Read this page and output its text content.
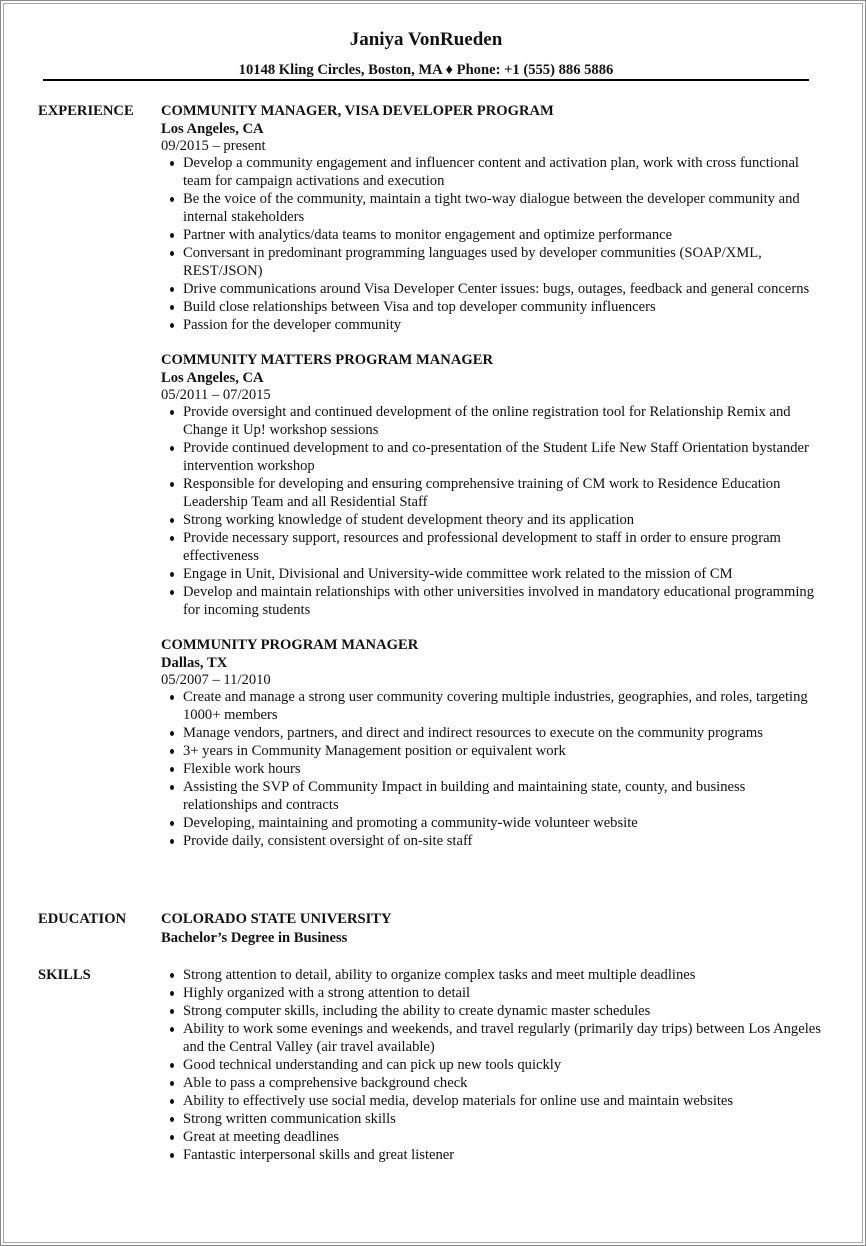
Janiya VonRueden
10148 Kling Circles, Boston, MA ♦ Phone: +1 (555) 886 5886
EXPERIENCE COMMUNITY MANAGER, VISA DEVELOPER PROGRAM
Los Angeles, CA
09/2015 – present
Develop a community engagement and influencer content and activation plan, work with cross functional team for campaign activations and execution
Be the voice of the community, maintain a tight two-way dialogue between the developer community and internal stakeholders
Partner with analytics/data teams to monitor engagement and optimize performance
Conversant in predominant programming languages used by developer communities (SOAP/XML, REST/JSON)
Drive communications around Visa Developer Center issues: bugs, outages, feedback and general concerns
Build close relationships between Visa and top developer community influencers
Passion for the developer community
COMMUNITY MATTERS PROGRAM MANAGER
Los Angeles, CA
05/2011 – 07/2015
Provide oversight and continued development of the online registration tool for Relationship Remix and Change it Up! workshop sessions
Provide continued development to and co-presentation of the Student Life New Staff Orientation bystander intervention workshop
Responsible for developing and ensuring comprehensive training of CM work to Residence Education Leadership Team and all Residential Staff
Strong working knowledge of student development theory and its application
Provide necessary support, resources and professional development to staff in order to ensure program effectiveness
Engage in Unit, Divisional and University-wide committee work related to the mission of CM
Develop and maintain relationships with other universities involved in mandatory educational programming for incoming students
COMMUNITY PROGRAM MANAGER
Dallas, TX
05/2007 – 11/2010
Create and manage a strong user community covering multiple industries, geographies, and roles, targeting 1000+ members
Manage vendors, partners, and direct and indirect resources to execute on the community programs
3+ years in Community Management position or equivalent work
Flexible work hours
Assisting the SVP of Community Impact in building and maintaining state, county, and business relationships and contracts
Developing, maintaining and promoting a community-wide volunteer website
Provide daily, consistent oversight of on-site staff
EDUCATION COLORADO STATE UNIVERSITY
Bachelor’s Degree in Business
SKILLS	Strong attention to detail, ability to organize complex tasks and meet multiple deadlines
Highly organized with a strong attention to detail
Strong computer skills, including the ability to create dynamic master schedules
Ability to work some evenings and weekends, and travel regularly (primarily day trips) between Los Angeles and the Central Valley (air travel available)
Good technical understanding and can pick up new tools quickly
Able to pass a comprehensive background check
Ability to effectively use social media, develop materials for online use and maintain websites
Strong written communication skills
Great at meeting deadlines
Fantastic interpersonal skills and great listener
